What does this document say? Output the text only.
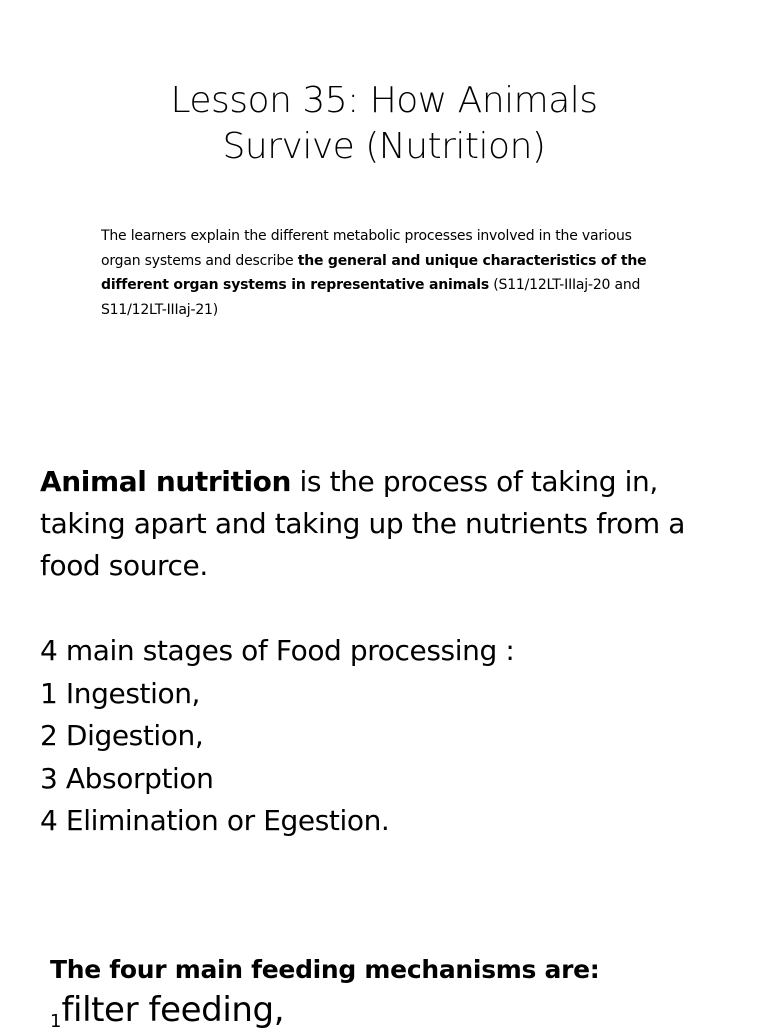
Lesson 35: How Animals
Survive (Nutrition)
The learners explain the different metabolic processes involved in the various organ systems and describe the general and unique characteristics of the different organ systems in representative animals (S11/12LT-IIIaj-20 and S11/12LT-IIIaj-21)
Animal nutrition is the process of taking in, taking apart and taking up the nutrients from a food source.
4 main stages of Food processing :
1 Ingestion,
2 Digestion,
3 Absorption
4 Elimination or Egestion.
The four main feeding mechanisms are:
1filter feeding,
